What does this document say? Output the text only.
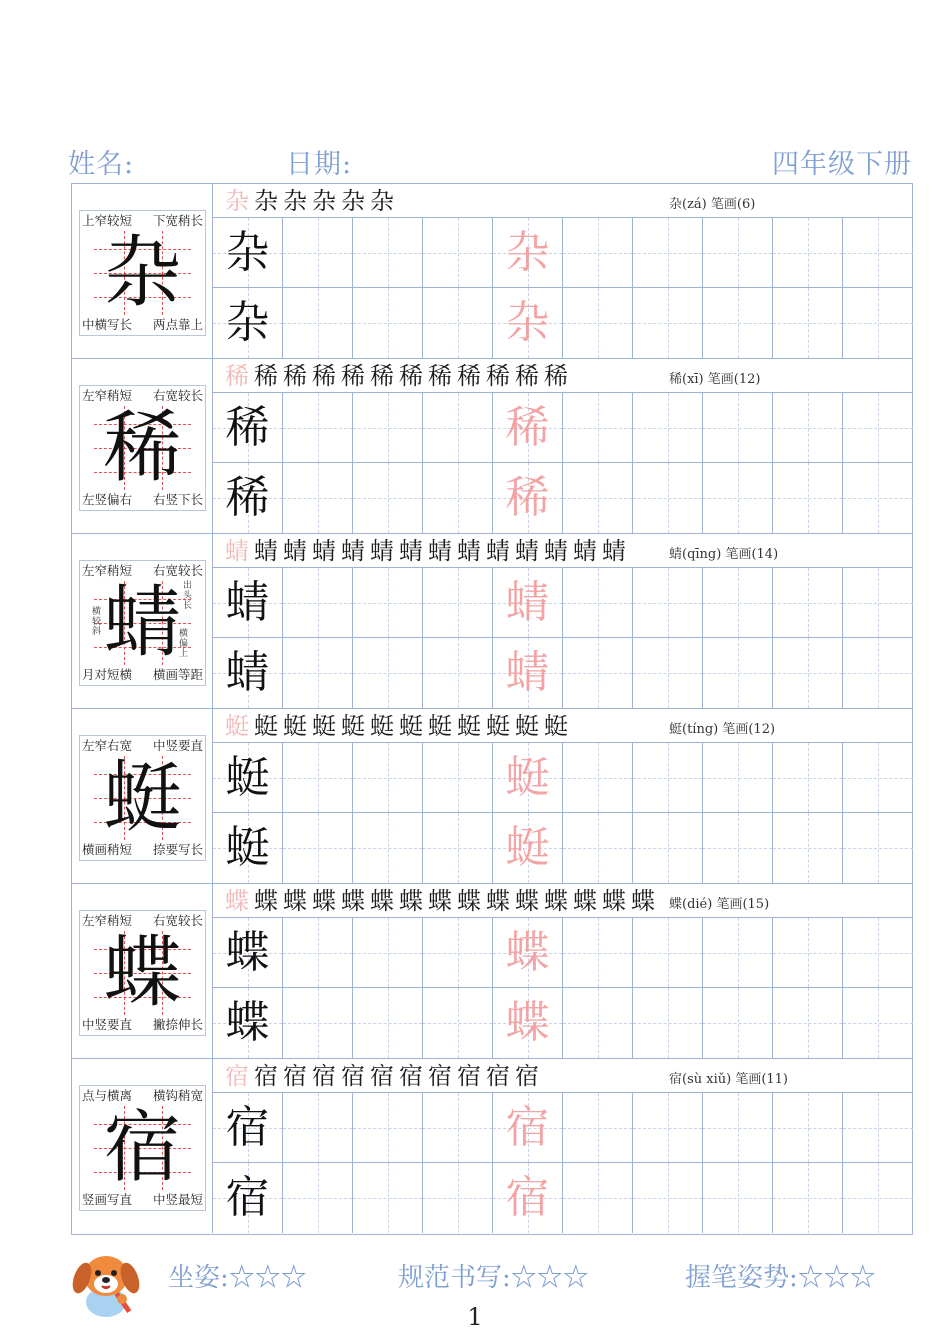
姓名:	日期:	四年级下册
杂
上窄较短 下宽稍长
中横写长 两点靠上
杂 杂 杂 杂 杂 杂	杂(zá) 笔画(6)
杂	杂
杂	杂
稀
左窄稍短 右宽较长
左竖偏右 右竖下长
稀 稀 稀 稀 稀 稀 稀 稀 稀 稀 稀 稀	稀(xī) 笔画(12)
稀	稀
稀	稀
蜻
左窄稍短 右宽较长
月对短横 横画等距
横较斜
出头长
横偏上
蜻 蜻 蜻 蜻 蜻 蜻 蜻 蜻 蜻 蜻 蜻 蜻 蜻 蜻	蜻(qīng) 笔画(14)
蜻	蜻
蜻	蜻
蜓
左窄右宽 中竖要直
横画稍短 捺要写长
蜓 蜓 蜓 蜓 蜓 蜓 蜓 蜓 蜓 蜓 蜓 蜓	蜓(tíng) 笔画(12)
蜓	蜓
蜓	蜓
蝶
左窄稍短 右宽较长
中竖要直 撇捺伸长
蝶 蝶 蝶 蝶 蝶 蝶 蝶 蝶 蝶 蝶 蝶 蝶 蝶 蝶 蝶 蝶(dié) 笔画(15)
蝶	蝶
蝶	蝶
宿
点与横离 横钩稍宽
竖画写直 中竖最短
宿 宿 宿 宿 宿 宿 宿 宿 宿 宿 宿	宿(sù xiǔ) 笔画(11)
宿	宿
宿	宿
坐姿:☆☆☆	规范书写:☆☆☆	握笔姿势:☆☆☆
1
